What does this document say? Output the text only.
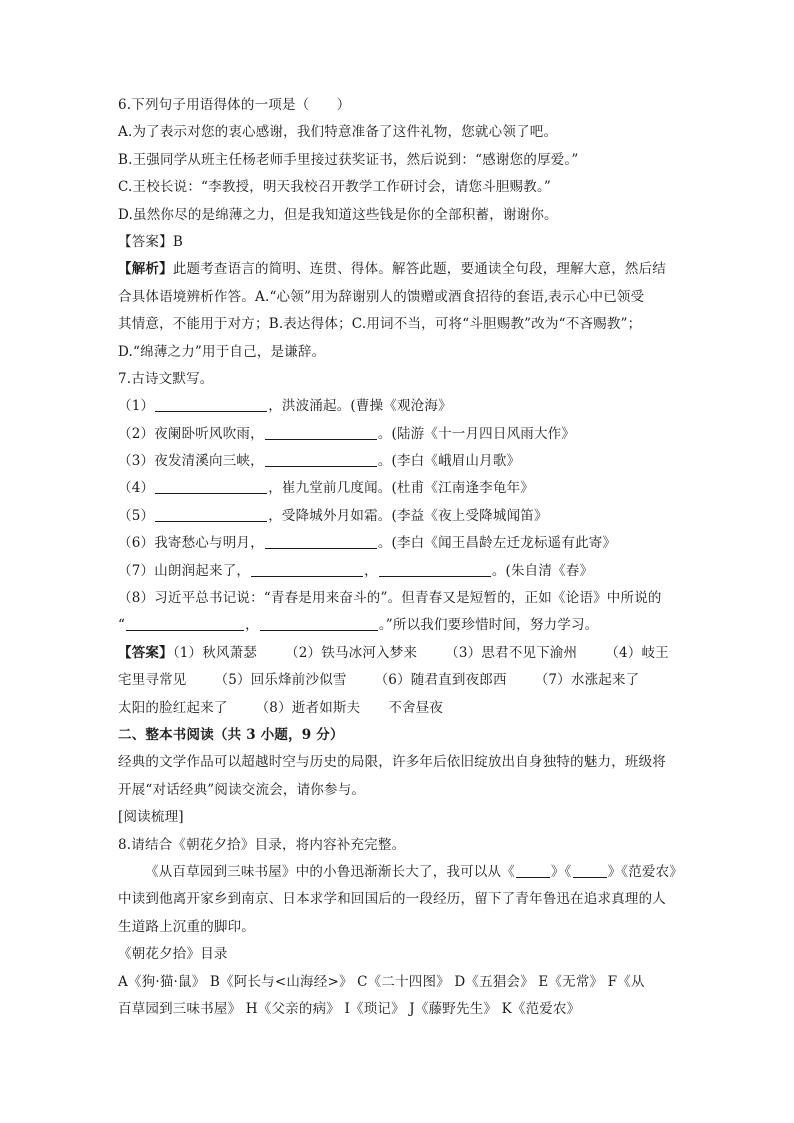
6.下列句子用语得体的一项是（　　）
A.为了表示对您的衷心感谢，我们特意准备了这件礼物，您就心领了吧。
B.王强同学从班主任杨老师手里接过获奖证书，然后说到：“感谢您的厚爱。”
C.王校长说：“李教授，明天我校召开教学工作研讨会，请您斗胆赐教。”
D.虽然你尽的是绵薄之力，但是我知道这些钱是你的全部积蓄，谢谢你。
【答案】B
【解析】此题考查语言的简明、连贯、得体。解答此题，要通读全句段，理解大意，然后结
合具体语境辨析作答。A.“心领”用为辞谢别人的馈赠或酒食招待的套语,表示心中已领受
其情意，不能用于对方；B.表达得体；C.用词不当，可将“斗胆赐教”改为“不吝赐教”；
D.“绵薄之力”用于自己，是谦辞。
7.古诗文默写。
（1）	，洪波涌起。(曹操《观沧海》
（2）夜阑卧听风吹雨，	。(陆游《十一月四日风雨大作》
（3）夜发清溪向三峡，	。(李白《峨眉山月歌》
（4）	，崔九堂前几度闻。(杜甫《江南逢李龟年》
（5）	，受降城外月如霜。(李益《夜上受降城闻笛》
（6）我寄愁心与明月，	。(李白《闻王昌龄左迁龙标遥有此寄》
（7）山朗润起来了，	，	。(朱自清《春》
（8）习近平总书记说：“青春是用来奋斗的”。但青春又是短暂的，正如《论语》中所说的
“	，	。”所以我们要珍惜时间，努力学习。
【答案】（1）秋风萧瑟 （2）铁马冰河入梦来 （3）思君不见下渝州 （4）岐王
宅里寻常见 （5）回乐烽前沙似雪 （6）随君直到夜郎西 （7）水涨起来了
太阳的脸红起来了 （8）逝者如斯夫 不舍昼夜
二、整本书阅读（共 3 小题，9 分）
经典的文学作品可以超越时空与历史的局限，许多年后依旧绽放出自身独特的魅力，班级将
开展“对话经典”阅读交流会，请你参与。
[阅读梳理]
8.请结合《朝花夕拾》目录，将内容补充完整。
《从百草园到三味书屋》中的小鲁迅渐渐长大了，我可以从《	》《	》《范爱农》
中读到他离开家乡到南京、日本求学和回国后的一段经历，留下了青年鲁迅在追求真理的人
生道路上沉重的脚印。
《朝花夕拾》目录
A《狗·猫·鼠》 B《阿长与<山海经>》 C《二十四图》 D《五猖会》 E《无常》 F《从
百草园到三味书屋》 H《父亲的病》 I《琐记》 J《藤野先生》 K《范爱农》
